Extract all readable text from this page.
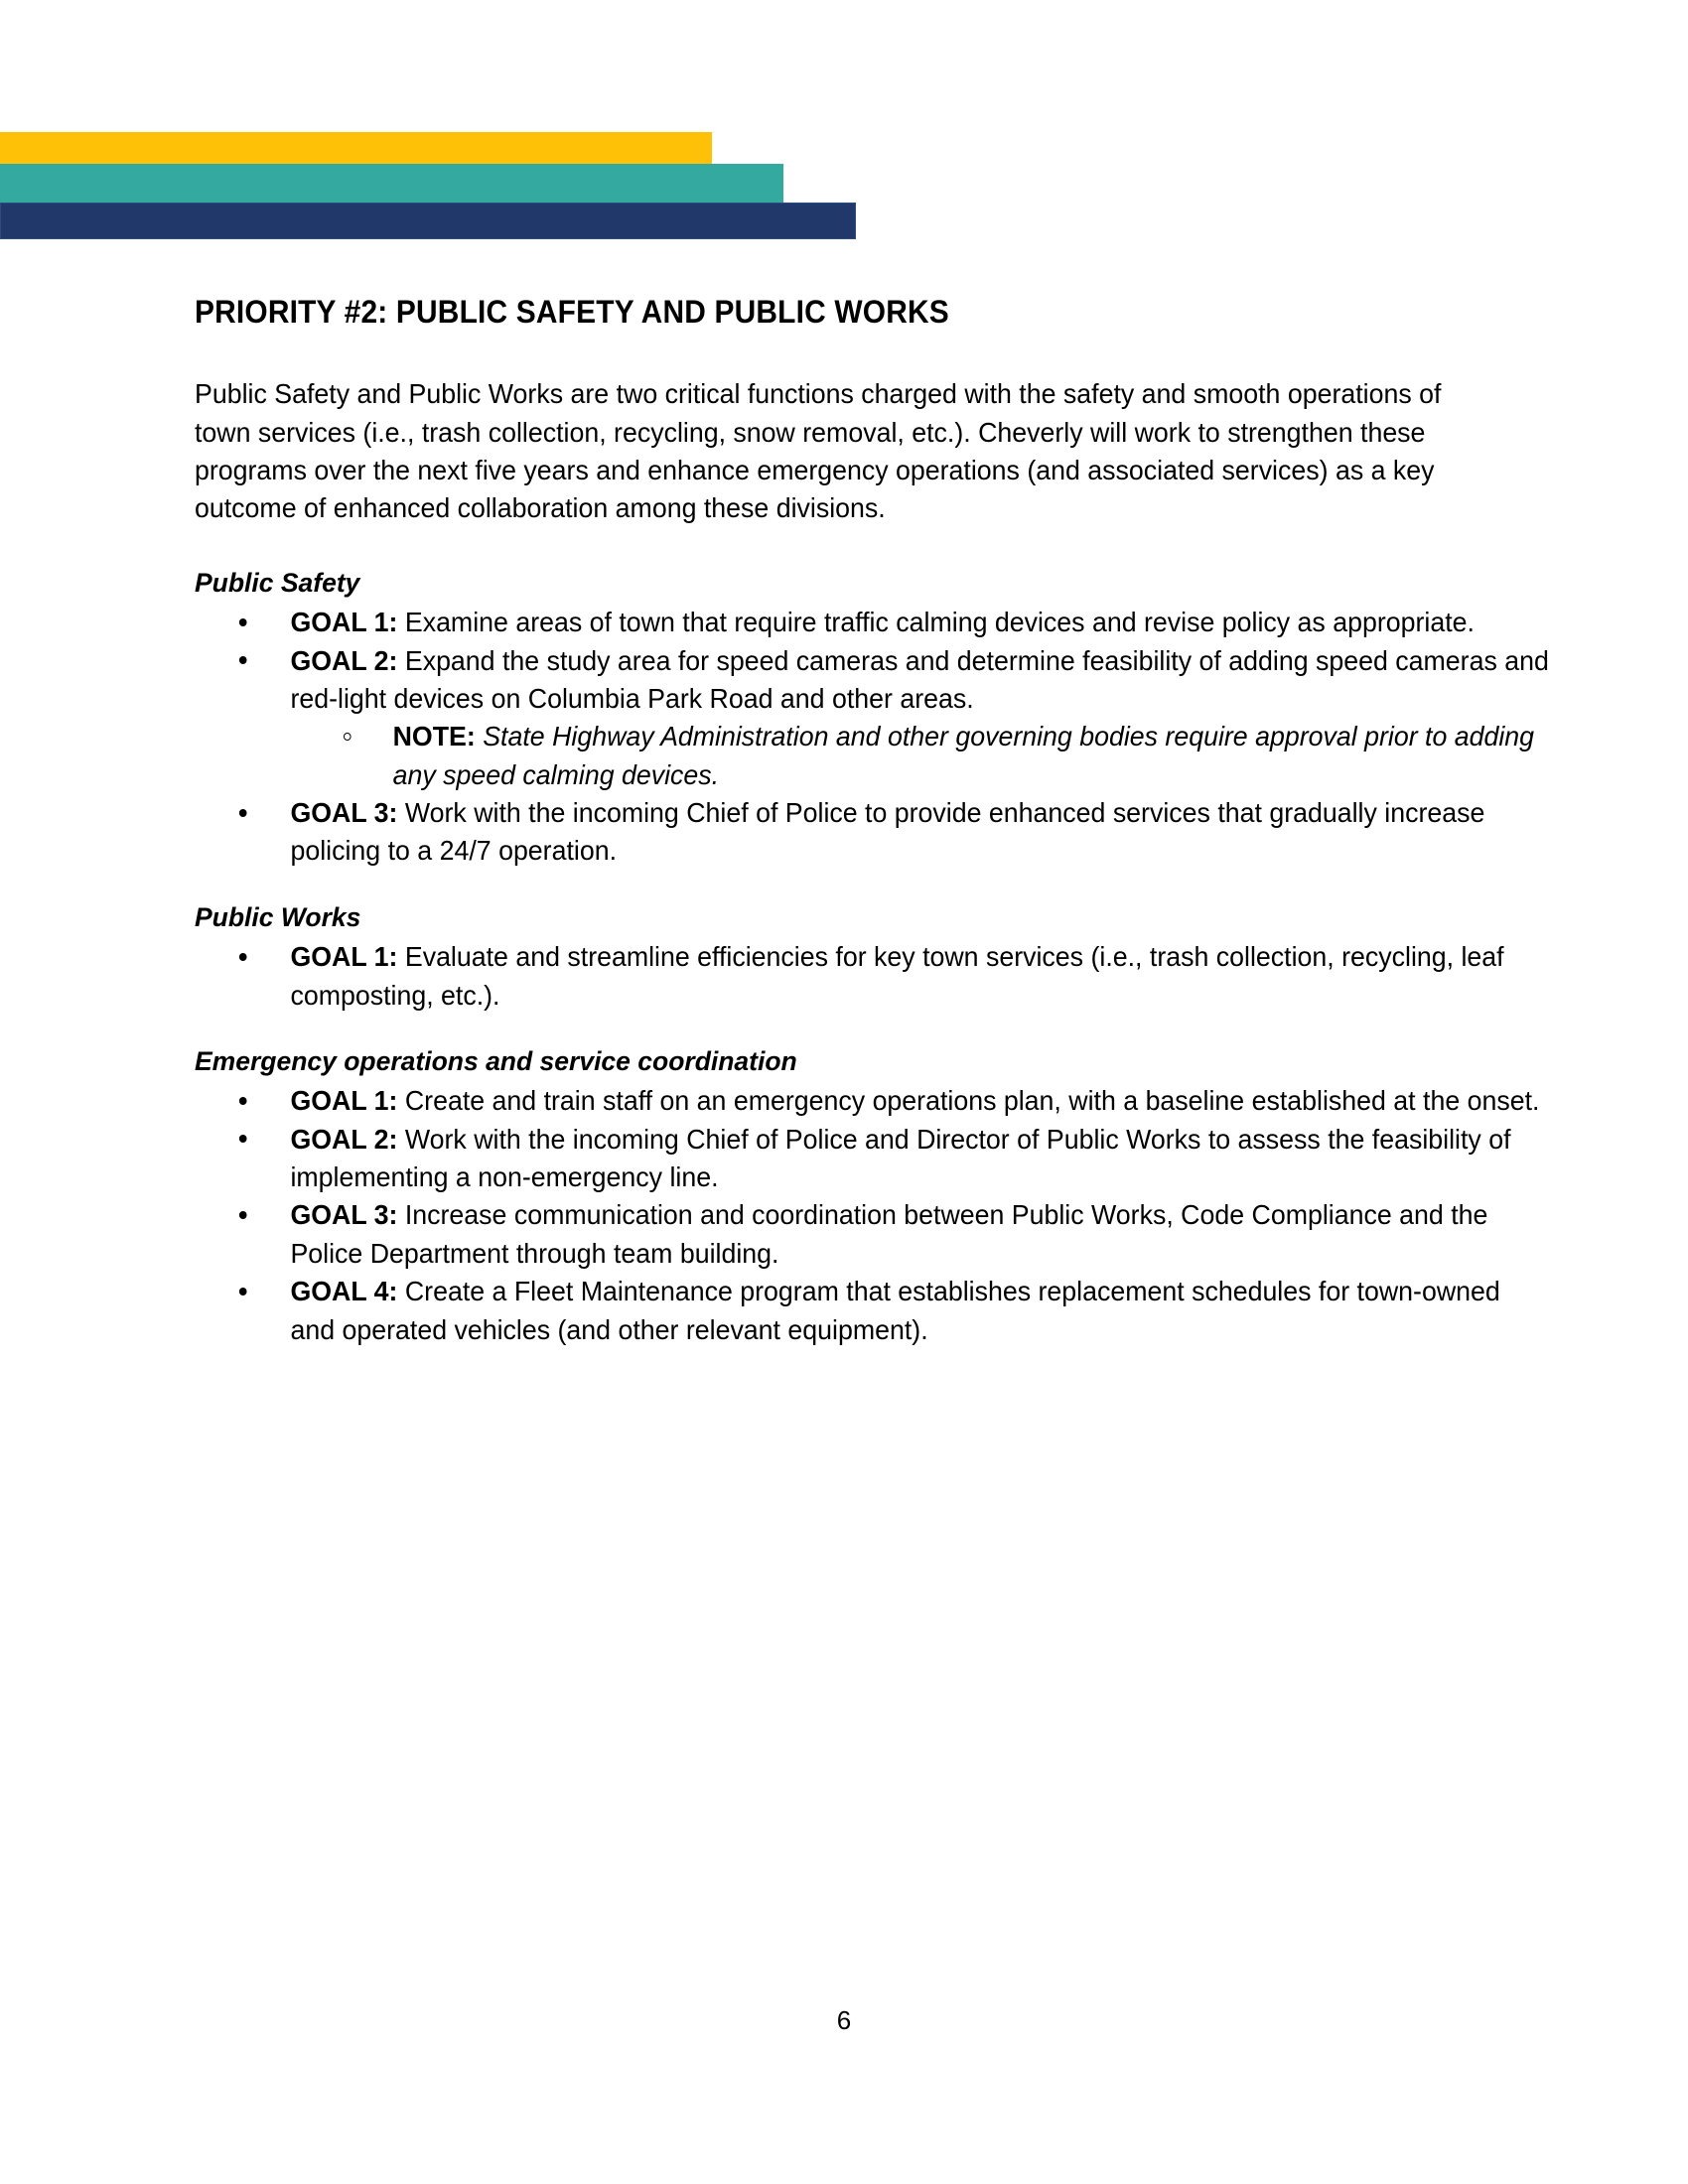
PRIORITY #2: PUBLIC SAFETY AND PUBLIC WORKS

Public Safety and Public Works are two critical functions charged with the safety and smooth operations of town services (i.e., trash collection, recycling, snow removal, etc.). Cheverly will work to strengthen these programs over the next five years and enhance emergency operations (and associated services) as a key outcome of enhanced collaboration among these divisions.

Public Safety
GOAL 1: Examine areas of town that require traffic calming devices and revise policy as appropriate.
GOAL 2: Expand the study area for speed cameras and determine feasibility of adding speed cameras and red-light devices on Columbia Park Road and other areas.
NOTE: State Highway Administration and other governing bodies require approval prior to adding any speed calming devices.
GOAL 3: Work with the incoming Chief of Police to provide enhanced services that gradually increase policing to a 24/7 operation.
Public Works
GOAL 1: Evaluate and streamline efficiencies for key town services (i.e., trash collection, recycling, leaf composting, etc.).
Emergency operations and service coordination
GOAL 1: Create and train staff on an emergency operations plan, with a baseline established at the onset.
GOAL 2: Work with the incoming Chief of Police and Director of Public Works to assess the feasibility of implementing a non-emergency line.
GOAL 3: Increase communication and coordination between Public Works, Code Compliance and the Police Department through team building.
GOAL 4: Create a Fleet Maintenance program that establishes replacement schedules for town-owned and operated vehicles (and other relevant equipment).
6
